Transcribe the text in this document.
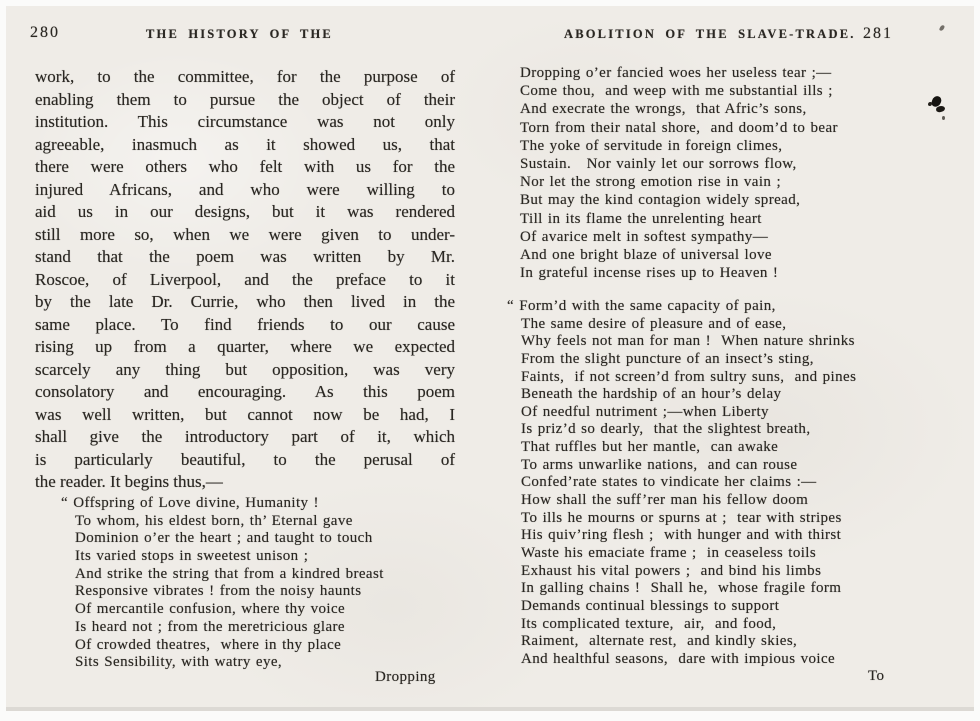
280	THE HISTORY OF THE
work, to the committee, for the purpose of
enabling them to pursue the object of their
institution. This circumstance was not only
agreeable, inasmuch as it showed us, that
there were others who felt with us for the
injured Africans, and who were willing to
aid us in our designs, but it was rendered
still more so, when we were given to under-
stand that the poem was written by Mr.
Roscoe, of Liverpool, and the preface to it
by the late Dr. Currie, who then lived in the
same place. To find friends to our cause
rising up from a quarter, where we expected
scarcely any thing but opposition, was very
consolatory and encouraging. As this poem
was well written, but cannot now be had, I
shall give the introductory part of it, which
is particularly beautiful, to the perusal of
the reader. It begins thus,—
“ Offspring of Love divine, Humanity !
To whom, his eldest born, th’ Eternal gave
Dominion o’er the heart ; and taught to touch
Its varied stops in sweetest unison ;
And strike the string that from a kindred breast
Responsive vibrates ! from the noisy haunts
Of mercantile confusion, where thy voice
Is heard not ; from the meretricious glare
Of crowded theatres,  where in thy place
Sits Sensibility, with watry eye,
Dropping
ABOLITION OF THE SLAVE-TRADE. 281
Dropping o’er fancied woes her useless tear ;—
Come thou,  and weep with me substantial ills ;
And execrate the wrongs,  that Afric’s sons,
Torn from their natal shore,  and doom’d to bear
The yoke of servitude in foreign climes,
Sustain.   Nor vainly let our sorrows flow,
Nor let the strong emotion rise in vain ;
But may the kind contagion widely spread,
Till in its flame the unrelenting heart
Of avarice melt in softest sympathy—
And one bright blaze of universal love
In grateful incense rises up to Heaven !
“ Form’d with the same capacity of pain,
The same desire of pleasure and of ease,
Why feels not man for man !  When nature shrinks
From the slight puncture of an insect’s sting,
Faints,  if not screen’d from sultry suns,  and pines
Beneath the hardship of an hour’s delay
Of needful nutriment ;—when Liberty
Is priz’d so dearly,  that the slightest breath,
That ruffles but her mantle,  can awake
To arms unwarlike nations,  and can rouse
Confed’rate states to vindicate her claims :—
How shall the suff’rer man his fellow doom
To ills he mourns or spurns at ;  tear with stripes
His quiv’ring flesh ;  with hunger and with thirst
Waste his emaciate frame ;  in ceaseless toils
Exhaust his vital powers ;  and bind his limbs
In galling chains !  Shall he,  whose fragile form
Demands continual blessings to support
Its complicated texture,  air,  and food,
Raiment,  alternate rest,  and kindly skies,
And healthful seasons,  dare with impious voice
To
